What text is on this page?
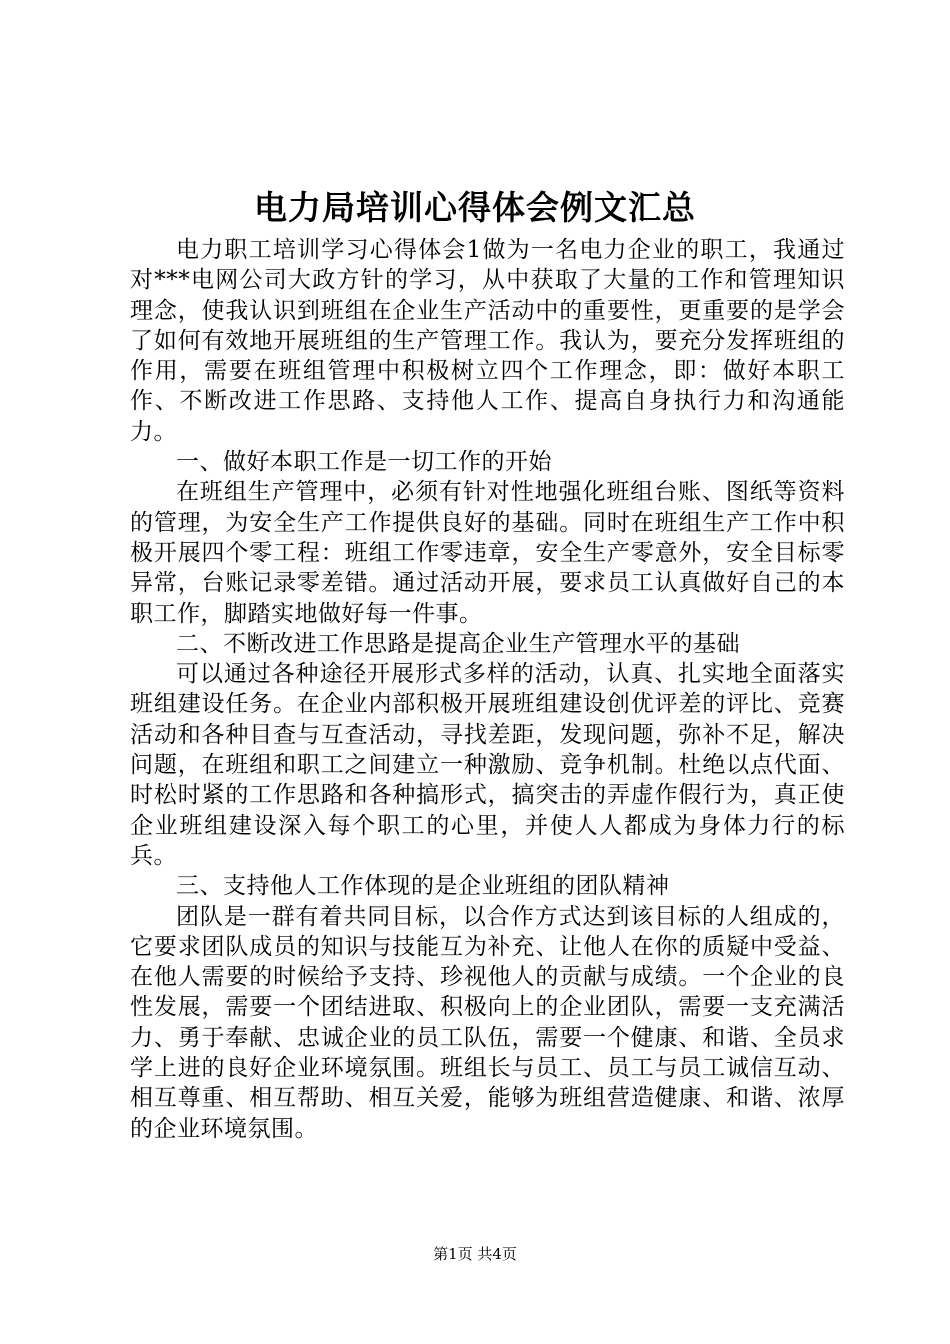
电力局培训心得体会例文汇总

电力职工培训学习心得体会1做为一名电力企业的职工，我通过对***电网公司大政方针的学习，从中获取了大量的工作和管理知识理念，使我认识到班组在企业生产活动中的重要性，更重要的是学会了如何有效地开展班组的生产管理工作。我认为，要充分发挥班组的作用，需要在班组管理中积极树立四个工作理念，即：做好本职工作、不断改进工作思路、支持他人工作、提高自身执行力和沟通能力。

一、做好本职工作是一切工作的开始

在班组生产管理中，必须有针对性地强化班组台账、图纸等资料的管理，为安全生产工作提供良好的基础。同时在班组生产工作中积极开展四个零工程：班组工作零违章，安全生产零意外，安全目标零异常，台账记录零差错。通过活动开展，要求员工认真做好自己的本职工作，脚踏实地做好每一件事。

二、不断改进工作思路是提高企业生产管理水平的基础

可以通过各种途径开展形式多样的活动，认真、扎实地全面落实班组建设任务。在企业内部积极开展班组建设创优评差的评比、竞赛活动和各种目查与互查活动，寻找差距，发现问题，弥补不足，解决问题，在班组和职工之间建立一种激励、竞争机制。杜绝以点代面、时松时紧的工作思路和各种搞形式，搞突击的弄虚作假行为，真正使企业班组建设深入每个职工的心里，并使人人都成为身体力行的标兵。

三、支持他人工作体现的是企业班组的团队精神

团队是一群有着共同目标，以合作方式达到该目标的人组成的，它要求团队成员的知识与技能互为补充、让他人在你的质疑中受益、在他人需要的时候给予支持、珍视他人的贡献与成绩。一个企业的良性发展，需要一个团结进取、积极向上的企业团队，需要一支充满活力、勇于奉献、忠诚企业的员工队伍，需要一个健康、和谐、全员求学上进的良好企业环境氛围。班组长与员工、员工与员工诚信互动、相互尊重、相互帮助、相互关爱，能够为班组营造健康、和谐、浓厚的企业环境氛围。

第1页 共4页
